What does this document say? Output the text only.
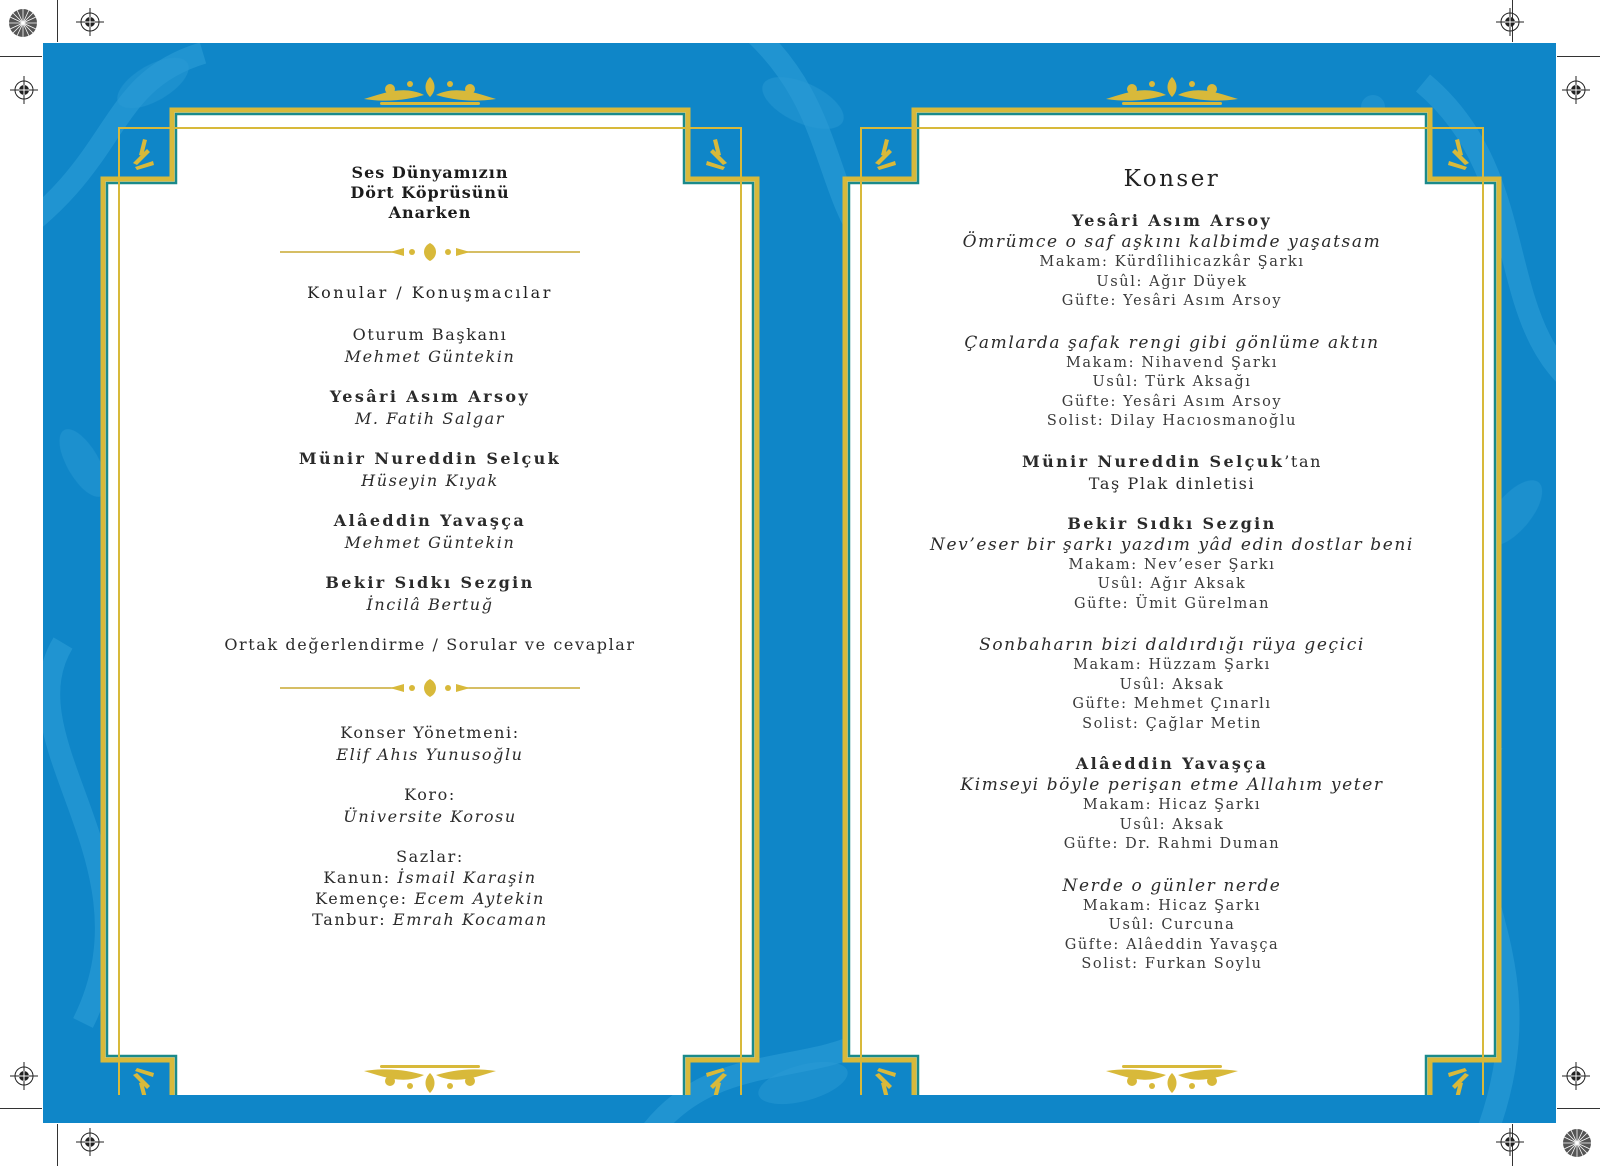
Ses Dünyamızın
Dört Köprüsünü
Anarken
Konular / Konuşmacılar
Oturum Başkanı
Mehmet Güntekin
Yesâri Asım Arsoy
M. Fatih Salgar
Münir Nureddin Selçuk
Hüseyin Kıyak
Alâeddin Yavaşça
Mehmet Güntekin
Bekir Sıdkı Sezgin
İncilâ Bertuğ
Ortak değerlendirme / Sorular ve cevaplar
Konser Yönetmeni:
Elif Ahıs Yunusoğlu
Koro:
Üniversite Korosu
Sazlar:
Kanun: İsmail Karaşin
Kemençe: Ecem Aytekin
Tanbur: Emrah Kocaman
Konser
Yesâri Asım Arsoy
Ömrümce o saf aşkını kalbimde yaşatsam
Makam: Kürdîlihicazkâr Şarkı
Usûl: Ağır Düyek
Güfte: Yesâri Asım Arsoy
Çamlarda şafak rengi gibi gönlüme aktın
Makam: Nihavend Şarkı
Usûl: Türk Aksağı
Güfte: Yesâri Asım Arsoy
Solist: Dilay Hacıosmanoğlu
Münir Nureddin Selçuk’tan
Taş Plak dinletisi
Bekir Sıdkı Sezgin
Nev’eser bir şarkı yazdım yâd edin dostlar beni
Makam: Nev’eser Şarkı
Usûl: Ağır Aksak
Güfte: Ümit Gürelman
Sonbaharın bizi daldırdığı rüya geçici
Makam: Hüzzam Şarkı
Usûl: Aksak
Güfte: Mehmet Çınarlı
Solist: Çağlar Metin
Alâeddin Yavaşça
Kimseyi böyle perişan etme Allahım yeter
Makam: Hicaz Şarkı
Usûl: Aksak
Güfte: Dr. Rahmi Duman
Nerde o günler nerde
Makam: Hicaz Şarkı
Usûl: Curcuna
Güfte: Alâeddin Yavaşça
Solist: Furkan Soylu
